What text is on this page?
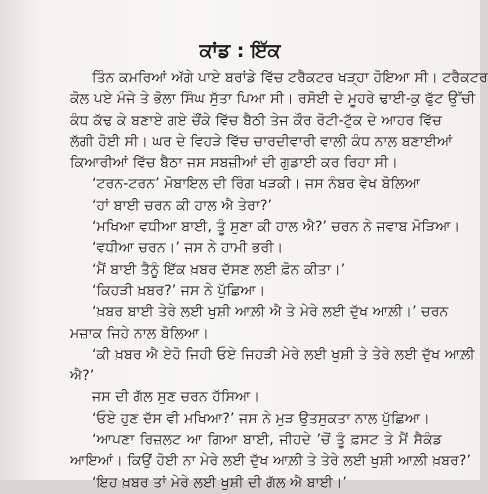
ਕਾਂਡ : ਇੱਕ
ਤਿੰਨ ਕਮਰਿਆਂ ਅੱਗੇ ਪਾਏ ਬਰਾਂਡੇ ਵਿੱਚ ਟਰੈਕਟਰ ਖੜ੍ਹਾ ਹੋਇਆ ਸੀ। ਟਰੈਕਟਰ
ਕੋਲ ਪਏ ਮੰਜੇ ਤੇ ਭੋਲਾ ਸਿੰਘ ਸੁੱਤਾ ਪਿਆ ਸੀ। ਰਸੋਈ ਦੇ ਮੂਹਰੇ ਢਾਈ-ਕੁ ਫੁੱਟ ਉੱਚੀ
ਕੰਧ ਕੱਢ ਕੇ ਬਣਾਏ ਗਏ ਚੌਂਕੇ ਵਿੱਚ ਬੈਠੀ ਤੇਜ ਕੌਰ ਰੋਟੀ-ਟੁੱਕ ਦੇ ਆਹਰ ਵਿੱਚ
ਲੱਗੀ ਹੋਈ ਸੀ। ਘਰ ਦੇ ਵਿਹੜੇ ਵਿੱਚ ਚਾਰਦੀਵਾਰੀ ਵਾਲੀ ਕੰਧ ਨਾਲ ਬਣਾਈਆਂ
ਕਿਆਰੀਆਂ ਵਿੱਚ ਬੈਠਾ ਜਸ ਸਬਜ਼ੀਆਂ ਦੀ ਗੁਡਾਈ ਕਰ ਰਿਹਾ ਸੀ।
‘ਟਰਨ-ਟਰਨ’ ਮੋਬਾਇਲ ਦੀ ਰਿੰਗ ਖੜਕੀ। ਜਸ ਨੰਬਰ ਵੇਖ ਬੋਲਿਆ
‘ਹਾਂ ਬਾਈ ਚਰਨ ਕੀ ਹਾਲ ਐ ਤੇਰਾ?’
‘ਮਖਿਆ ਵਧੀਆ ਬਾਈ, ਤੂੰ ਸੁਣਾ ਕੀ ਹਾਲ ਐ?’ ਚਰਨ ਨੇ ਜਵਾਬ ਮੋੜਿਆ।
‘ਵਧੀਆ ਚਰਨ।’ ਜਸ ਨੇ ਹਾਮੀ ਭਰੀ।
‘ਮੈਂ ਬਾਈ ਤੈਨੂੰ ਇੱਕ ਖ਼ਬਰ ਦੱਸਣ ਲਈ ਫ਼ੋਨ ਕੀਤਾ।’
‘ਕਿਹੜੀ ਖ਼ਬਰ?’ ਜਸ ਨੇ ਪੁੱਛਿਆ।
‘ਖ਼ਬਰ ਬਾਈ ਤੇਰੇ ਲਈ ਖੁਸ਼ੀ ਆਲ਼ੀ ਐ ਤੇ ਮੇਰੇ ਲਈ ਦੁੱਖ ਆਲ਼ੀ।’ ਚਰਨ
ਮਜ਼ਾਕ ਜਿਹੇ ਨਾਲ ਬੋਲਿਆ।
‘ਕੀ ਖ਼ਬਰ ਐ ਏਹੋ ਜਿਹੀ ਓਏ ਜਿਹੜੀ ਮੇਰੇ ਲਈ ਖੁਸ਼ੀ ਤੇ ਤੇਰੇ ਲਈ ਦੁੱਖ ਆਲ਼ੀ
ਐ?’
ਜਸ ਦੀ ਗੱਲ ਸੁਣ ਚਰਨ ਹੱਸਿਆ।
‘ਓਏ ਹੁਣ ਦੱਸ ਵੀ ਮਖਿਆ?’ ਜਸ ਨੇ ਮੁੜ ਉਤਸੁਕਤਾ ਨਾਲ ਪੁੱਛਿਆ।
‘ਆਪਣਾ ਰਿਜ਼ਲਟ ਆ ਗਿਆ ਬਾਈ, ਜੀਹਦੇ ’ਚੋਂ ਤੂੰ ਫ਼ਸਟ ਤੇ ਮੈਂ ਸੈਕੰਡ
ਆਇਆਂ। ਕਿਉਂ ਹੋਈ ਨਾ ਮੇਰੇ ਲਈ ਦੁੱਖ ਆਲ਼ੀ ਤੇ ਤੇਰੇ ਲਈ ਖੁਸ਼ੀ ਆਲ਼ੀ ਖ਼ਬਰ?’
‘ਇਹ ਖ਼ਬਰ ਤਾਂ ਮੇਰੇ ਲਈ ਖੁਸ਼ੀ ਦੀ ਗੱਲ ਐ ਬਾਈ।’
